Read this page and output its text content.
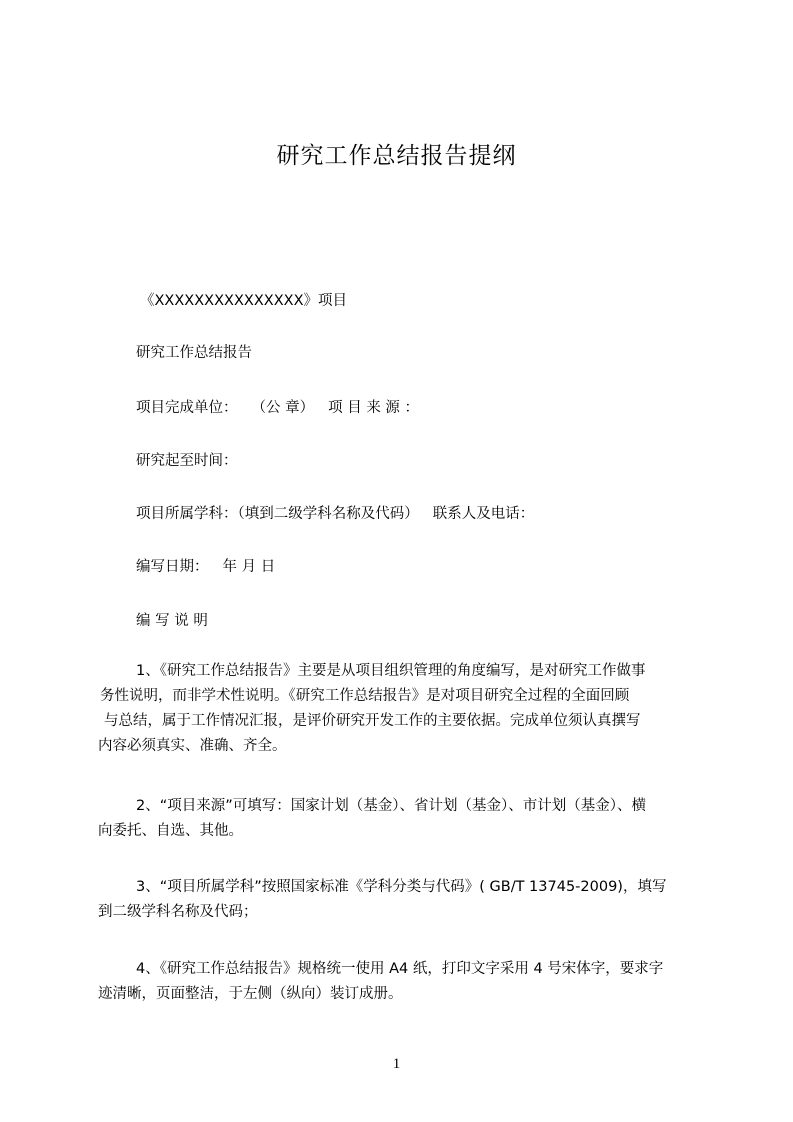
研究工作总结报告提纲
《XXXXXXXXXXXXXXX》项目
研究工作总结报告
项目完成单位： （公 章） 项 目 来 源 ：
研究起至时间：
项目所属学科：（填到二级学科名称及代码） 联系人及电话：
编写日期： 年 月 日
编 写 说 明

1、《研究工作总结报告》主要是从项目组织管理的角度编写，是对研究工作做事

务性说明，而非学术性说明。《研究工作总结报告》是对项目研究全过程的全面回顾

与总结，属于工作情况汇报，是评价研究开发工作的主要依据。完成单位须认真撰写

内容必须真实、准确、齐全。

2、“项目来源”可填写：国家计划（基金）、省计划（基金）、市计划（基金）、横

向委托、自选、其他。

3、“项目所属学科”按照国家标准《学科分类与代码》( GB/T 13745-2009)，填写

到二级学科名称及代码；

4、《研究工作总结报告》规格统一使用 A4 纸，打印文字采用 4 号宋体字，要求字

迹清晰，页面整洁，于左侧（纵向）装订成册。

1
